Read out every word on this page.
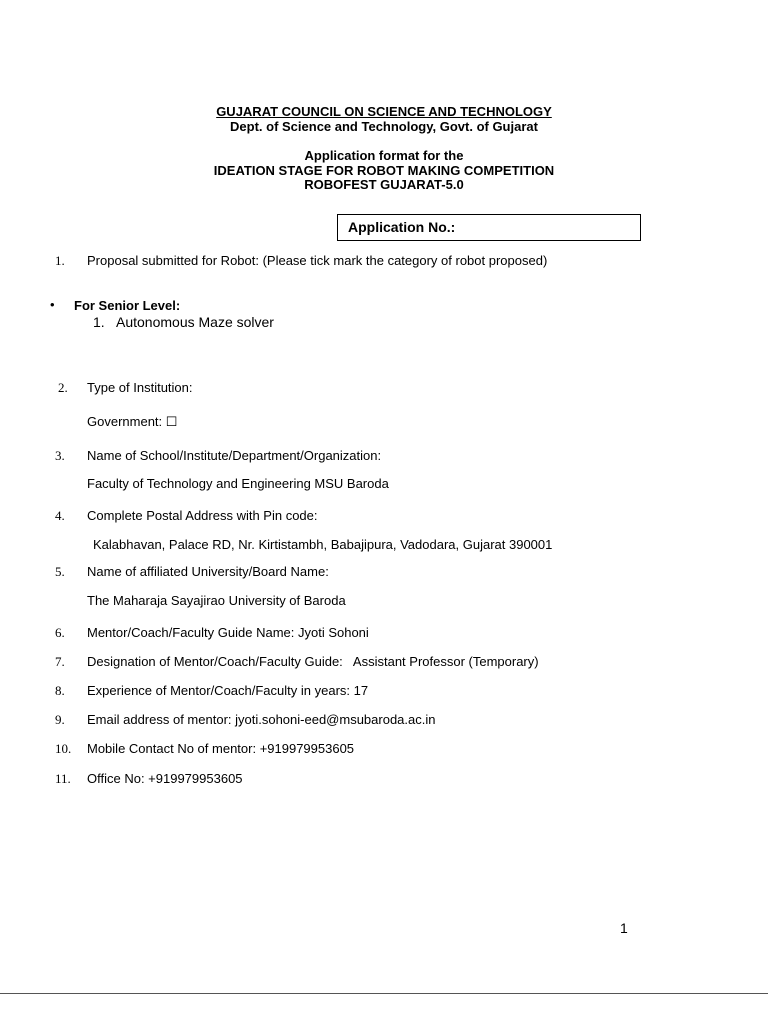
GUJARAT COUNCIL ON SCIENCE AND TECHNOLOGY
Dept. of Science and Technology, Govt. of Gujarat
Application format for the
IDEATION STAGE FOR ROBOT MAKING COMPETITION
ROBOFEST GUJARAT-5.0
Application No.:
1. Proposal submitted for Robot: (Please tick mark the category of robot proposed)
• For Senior Level:
1. Autonomous Maze solver
2. Type of Institution:
Government: ☐
3. Name of School/Institute/Department/Organization:
Faculty of Technology and Engineering MSU Baroda
4. Complete Postal Address with Pin code:
Kalabhavan, Palace RD, Nr. Kirtistambh, Babajipura, Vadodara, Gujarat 390001
5. Name of affiliated University/Board Name:
The Maharaja Sayajirao University of Baroda
6. Mentor/Coach/Faculty Guide Name: Jyoti Sohoni
7. Designation of Mentor/Coach/Faculty Guide:   Assistant Professor (Temporary)
8. Experience of Mentor/Coach/Faculty in years: 17
9. Email address of mentor: jyoti.sohoni-eed@msubaroda.ac.in
10. Mobile Contact No of mentor: +919979953605
11. Office No: +919979953605
1
